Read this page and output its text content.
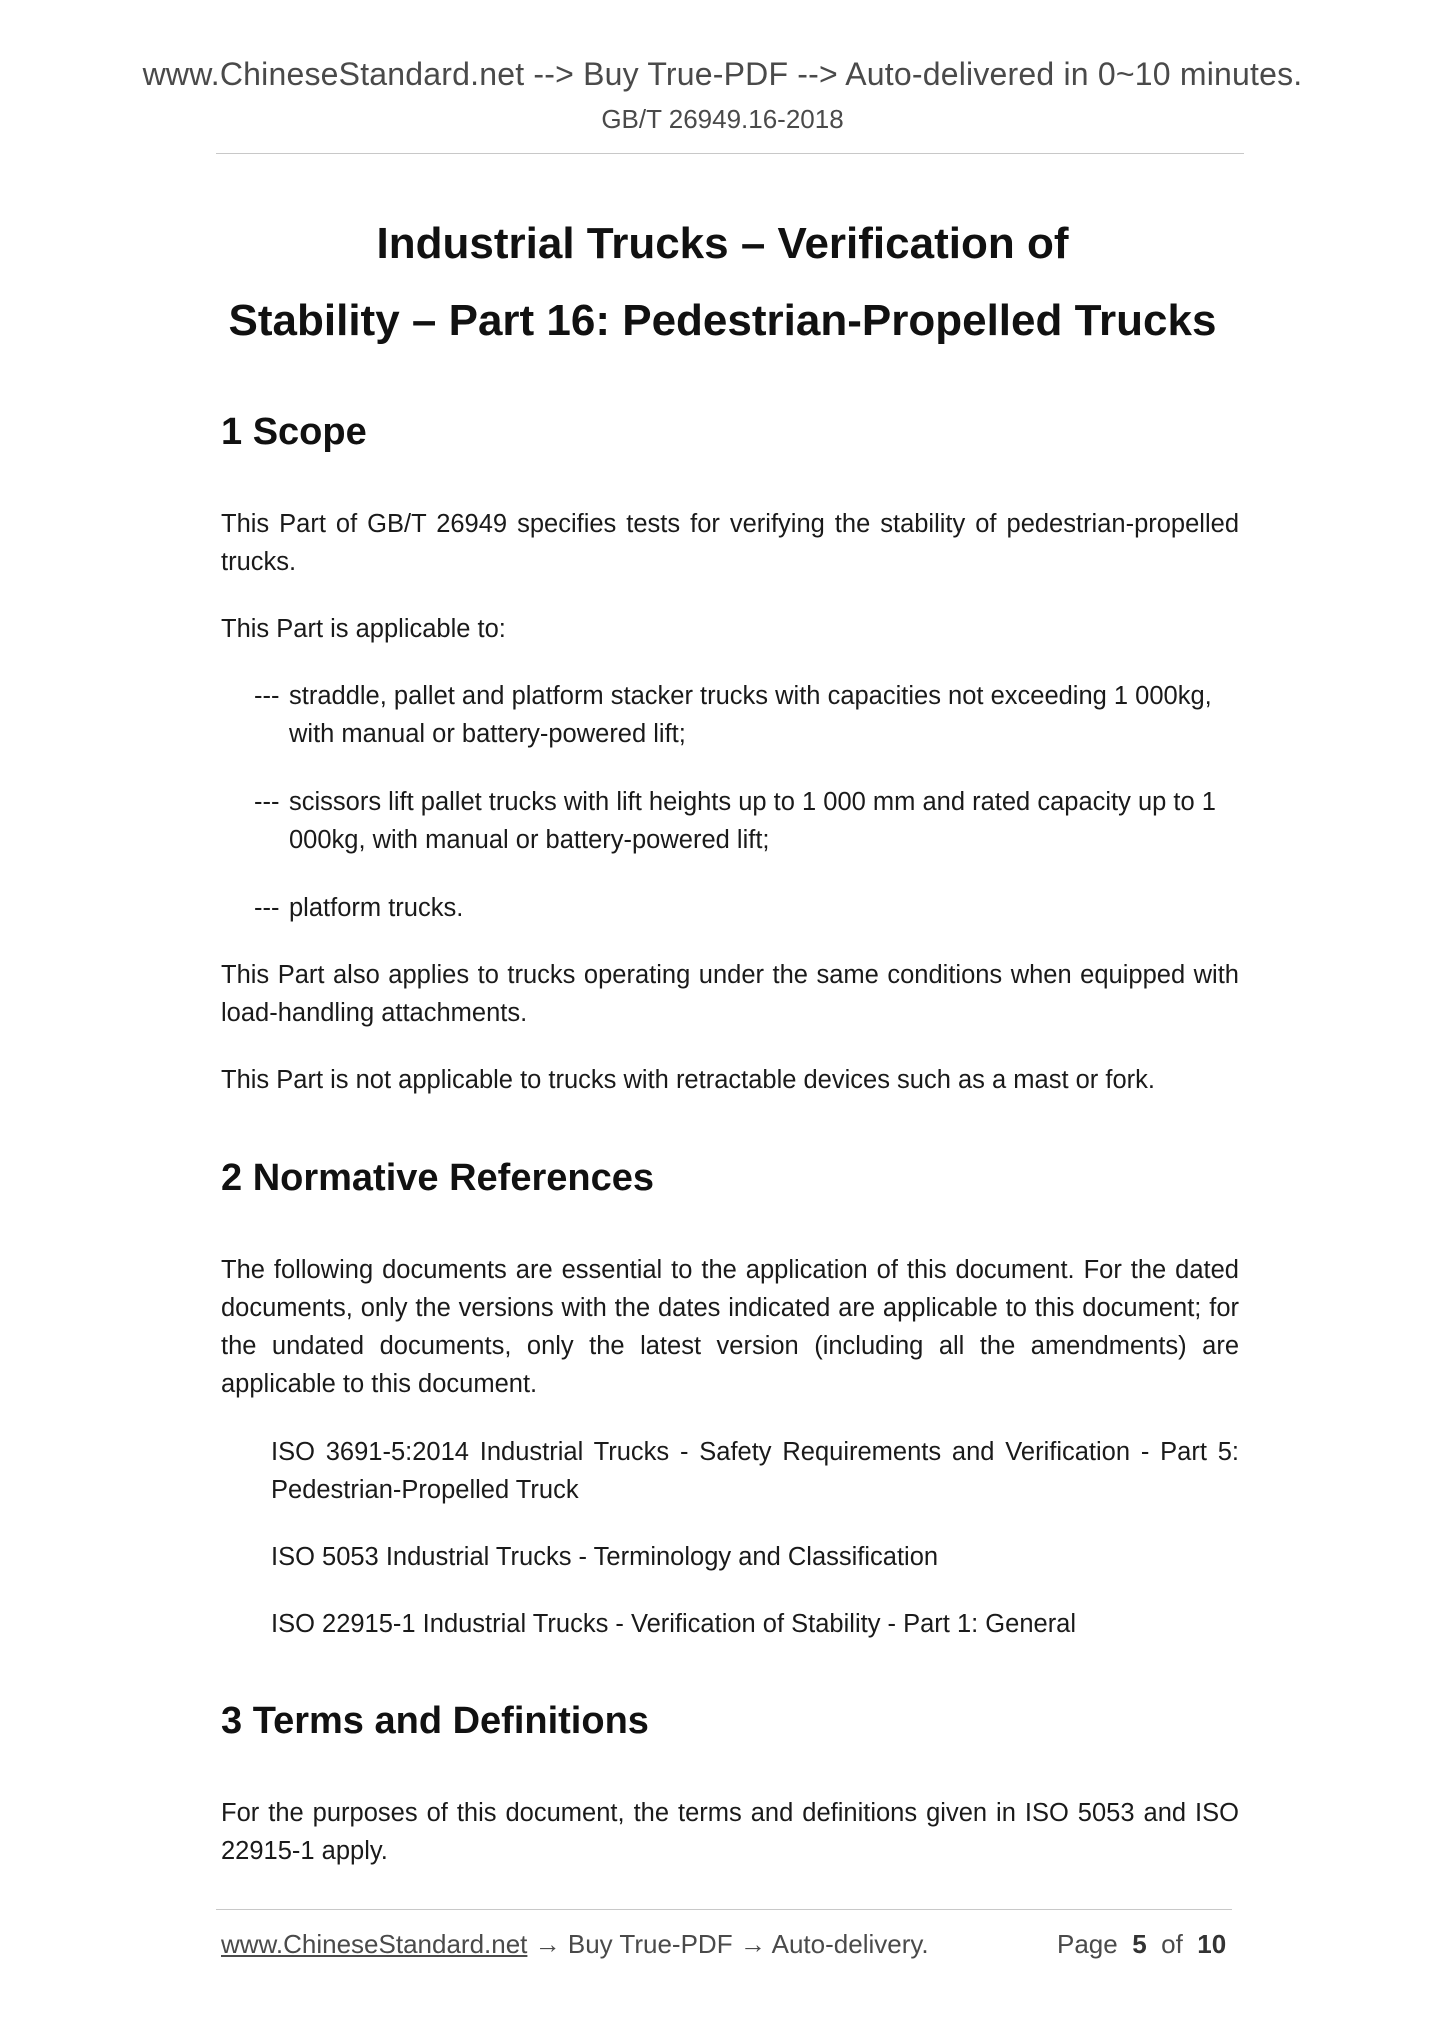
www.ChineseStandard.net --> Buy True-PDF --> Auto-delivered in 0~10 minutes.
GB/T 26949.16-2018
Industrial Trucks – Verification of
Stability – Part 16: Pedestrian-Propelled Trucks
1 Scope

This Part of GB/T 26949 specifies tests for verifying the stability of pedestrian-propelled trucks.

This Part is applicable to:

--- straddle, pallet and platform stacker trucks with capacities not exceeding 1 000kg, with manual or battery-powered lift;
--- scissors lift pallet trucks with lift heights up to 1 000 mm and rated capacity up to 1 000kg, with manual or battery-powered lift;
--- platform trucks.

This Part also applies to trucks operating under the same conditions when equipped with load-handling attachments.

This Part is not applicable to trucks with retractable devices such as a mast or fork.

2 Normative References

The following documents are essential to the application of this document. For the dated documents, only the versions with the dates indicated are applicable to this document; for the undated documents, only the latest version (including all the amendments) are applicable to this document.

ISO 3691-5:2014 Industrial Trucks - Safety Requirements and Verification - Part 5: Pedestrian-Propelled Truck
ISO 5053 Industrial Trucks - Terminology and Classification
ISO 22915-1 Industrial Trucks - Verification of Stability - Part 1: General
3 Terms and Definitions

For the purposes of this document, the terms and definitions given in ISO 5053 and ISO 22915-1 apply.

www.ChineseStandard.net → Buy True-PDF → Auto-delivery.	Page 5 of 10
